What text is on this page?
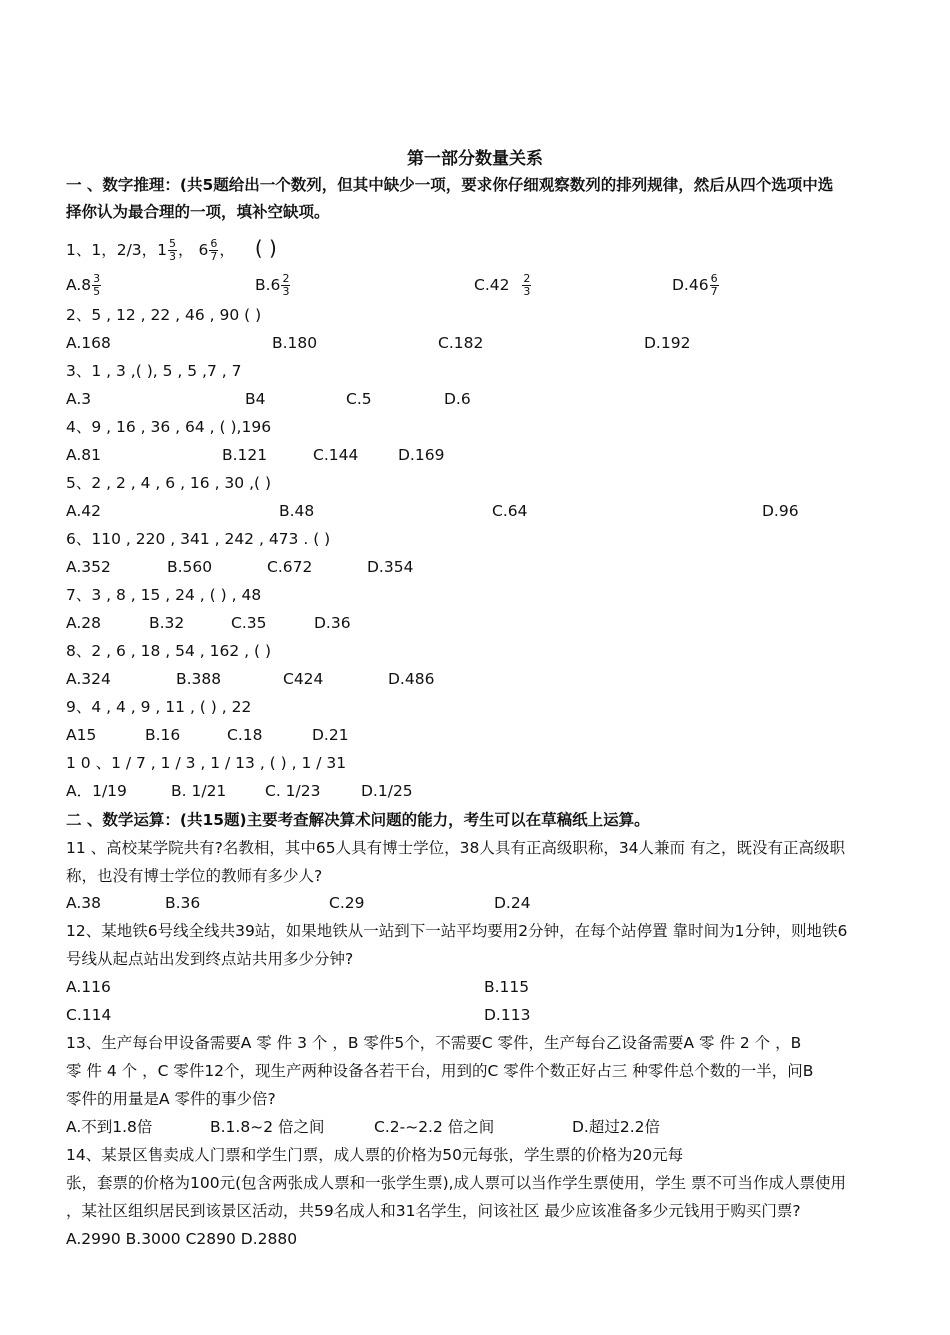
第一部分数量关系
一 、数字推理：(共5题给出一个数列，但其中缺少一项，要求你仔细观察数列的排列规律，然后从四个选项中选
择你认为最合理的一项，填补空缺项。
1、1，2/3，$1 \frac{5}{3}$ ， $6 \frac{6}{7}$ ， ( )
$A.8 \frac{3}{5}$	$B.6 \frac{2}{3}$	$C.42 \frac{2}{3}$	$D.46 \frac{6}{7}$
2、5 , 12 , 22 , 46 , 90 ( )
A.168	B.180	C.182	D.192
3、1 , 3 ,( ), 5 , 5 ,7 , 7
A.3	B4	C.5	D.6
4、9 , 16 , 36 , 64 , ( ),196
A.81	B.121	C.144	D.169
5、2 , 2 , 4 , 6 , 16 , 30 ,( )
A.42	B.48	C.64	D.96
6、110 , 220 , 341 , 242 , 473 . ( )
A.352	B.560	C.672	D.354
7、3 , 8 , 15 , 24 , ( ) , 48
A.28	B.32	C.35	D.36
8、2 , 6 , 18 , 54 , 162 , ( )
A.324	B.388	C424	D.486
9、4 , 4 , 9 , 11 , ( ) , 22
A15	B.16	C.18	D.21
1 0 、1 / 7 , 1 / 3 , 1 / 13 , ( ) , 1 / 31
A．1/19	B. 1/21 C. 1/23	D.1/25
二 、数学运算：(共15题)主要考查解决算术问题的能力，考生可以在草稿纸上运算。
11 、高校某学院共有?名教相，其中65人具有博士学位，38人具有正高级职称，34人兼而 有之，既没有正高级职
称，也没有博士学位的教师有多少人?
A.38	B.36	C.29	D.24
12、某地铁6号线全线共39站，如果地铁从一站到下一站平均要用2分钟，在每个站停置 靠时间为1分钟，则地铁6
号线从起点站出发到终点站共用多少分钟?
A.116	B.115
C.114	D.113
13、生产每台甲设备需要A 零 件 3 个 ，B 零件5个，不需要C 零件，生产每台乙设备需要A 零 件 2 个 ，B
零 件 4 个 ，C 零件12个，现生产两种设备各若干台，用到的C 零件个数正好占三 种零件总个数的一半，问B
零件的用量是A 零件的事少倍?
A.不到1.8倍	B.1.8~2 倍之间	C.2-~2.2 倍之间	D.超过2.2倍
14、某景区售卖成人门票和学生门票，成人票的价格为50元每张，学生票的价格为20元每
张，套票的价格为100元(包含两张成人票和一张学生票),成人票可以当作学生票使用，学生 票不可当作成人票使用
，某社区组织居民到该景区活动，共59名成人和31名学生，问该社区 最少应该准备多少元钱用于购买门票?
A.2990 B.3000 C2890 D.2880
